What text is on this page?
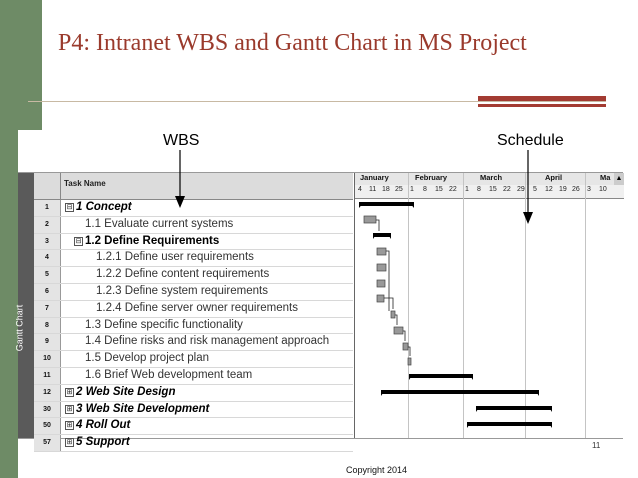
P4: Intranet WBS and Gantt Chart in MS Project
WBS	Schedule
Gantt Chart
Task Name
1	⊟ 1 Concept
2	1.1 Evaluate current systems
3	⊟ 1.2 Define Requirements
4	1.2.1 Define user requirements
5	1.2.2 Define content requirements
6	1.2.3 Define system requirements
7	1.2.4 Define server owner requirements
8	1.3 Define specific functionality
9	1.4 Define risks and risk management approach
10	1.5 Develop project plan
11	1.6 Brief Web development team
12	⊞ 2 Web Site Design
30	⊞ 3 Web Site Development
50	⊞ 4 Roll Out
57	⊞ 5 Support
January	February	March	April	Ma ▲
4 11 18 25 1 8 15 22 1 8 15 22 29 5 12 19 26 3 10
11
Copyright 2014
